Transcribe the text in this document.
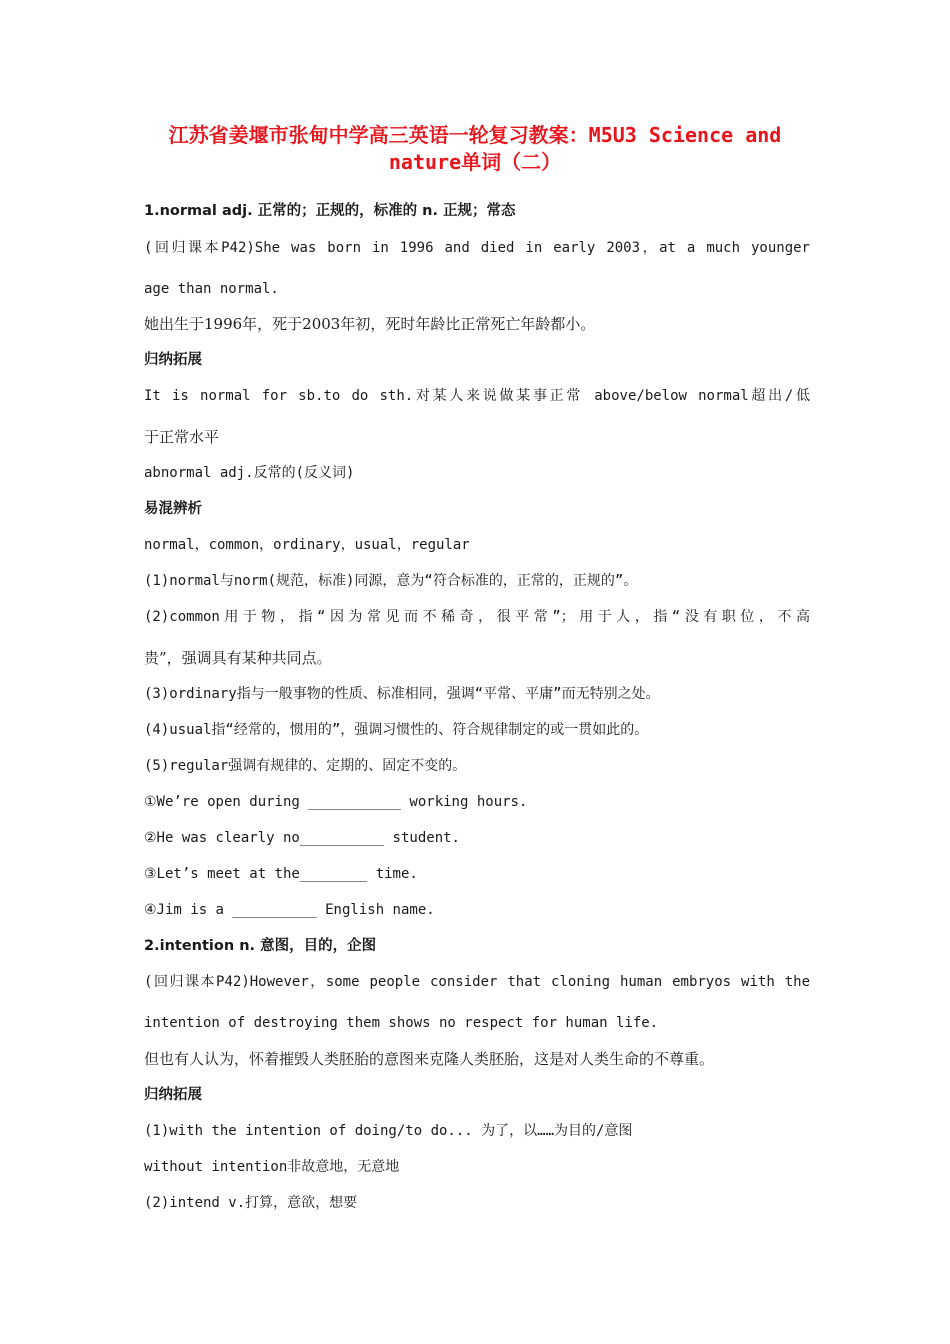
江苏省姜堰市张甸中学高三英语一轮复习教案：M5U3 Science and
nature单词（二）
1.normal adj. 正常的；正规的，标准的 n. 正规；常态
(回归课本P42)She was born in 1996 and died in early 2003，at a much younger
age than normal.
她出生于1996年，死于2003年初，死时年龄比正常死亡年龄都小。
归纳拓展
It is normal for sb.to do sth.对某人来说做某事正常 above/below normal超出/低
于正常水平
abnormal adj.反常的(反义词)
易混辨析
normal，common，ordinary，usual，regular
(1)normal与norm(规范，标准)同源，意为“符合标准的，正常的，正规的”。
(2)common用于物，指“因为常见而不稀奇，很平常”；用于人，指“没有职位，不高
贵”，强调具有某种共同点。
(3)ordinary指与一般事物的性质、标准相同，强调“平常、平庸”而无特别之处。
(4)usual指“经常的，惯用的”，强调习惯性的、符合规律制定的或一贯如此的。
(5)regular强调有规律的、定期的、固定不变的。
①We’re open during ___________ working hours.
②He was clearly no__________ student.
③Let’s meet at the________ time.
④Jim is a __________ English name.
2.intention n. 意图，目的，企图
(回归课本P42)However，some people consider that cloning human embryos with the
intention of destroying them shows no respect for human life.
但也有人认为，怀着摧毁人类胚胎的意图来克隆人类胚胎，这是对人类生命的不尊重。
归纳拓展
(1)with the intention of doing/to do... 为了，以……为目的/意图
without intention非故意地，无意地
(2)intend v.打算，意欲，想要
